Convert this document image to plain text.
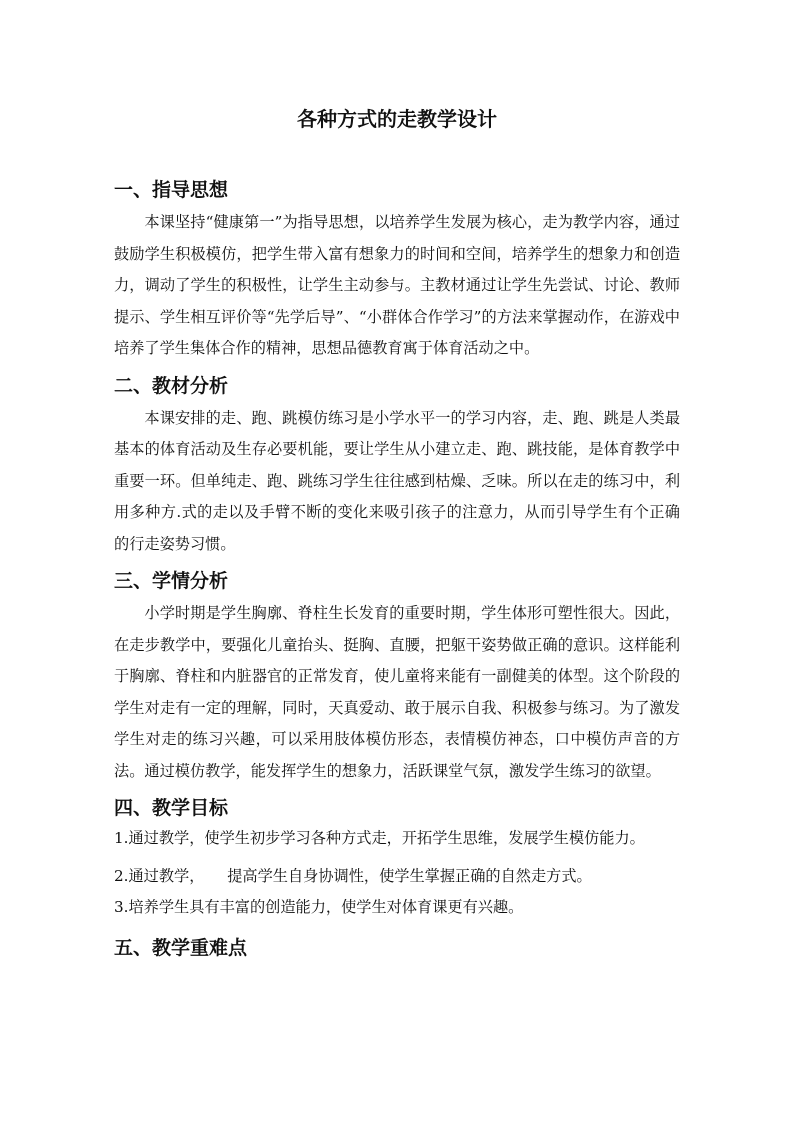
各种方式的走教学设计
一、指导思想

本课坚持“健康第一”为指导思想，以培养学生发展为核心，走为教学内容，通过鼓励学生积极模仿，把学生带入富有想象力的时间和空间，培养学生的想象力和创造力，调动了学生的积极性，让学生主动参与。主教材通过让学生先尝试、讨论、教师提示、学生相互评价等“先学后导”、“小群体合作学习”的方法来掌握动作，在游戏中培养了学生集体合作的精神，思想品德教育寓于体育活动之中。

二、教材分析

本课安排的走、跑、跳模仿练习是小学水平一的学习内容，走、跑、跳是人类最基本的体育活动及生存必要机能，要让学生从小建立走、跑、跳技能，是体育教学中重要一环。但单纯走、跑、跳练习学生往往感到枯燥、乏味。所以在走的练习中，利用多种方.式的走以及手臂不断的变化来吸引孩子的注意力，从而引导学生有个正确的行走姿势习惯。

三、学情分析

小学时期是学生胸廓、脊柱生长发育的重要时期，学生体形可塑性很大。因此，在走步教学中，要强化儿童抬头、挺胸、直腰，把躯干姿势做正确的意识。这样能利于胸廓、脊柱和内脏器官的正常发育，使儿童将来能有一副健美的体型。这个阶段的学生对走有一定的理解，同时，天真爱动、敢于展示自我、积极参与练习。为了激发学生对走的练习兴趣，可以采用肢体模仿形态，表情模仿神态，口中模仿声音的方法。通过模仿教学，能发挥学生的想象力，活跃课堂气氛，激发学生练习的欲望。

四、教学目标
1.通过教学，使学生初步学习各种方式走，开拓学生思维，发展学生模仿能力。
2.通过教学，　　提高学生自身协调性，使学生掌握正确的自然走方式。
3.培养学生具有丰富的创造能力，使学生对体育课更有兴趣。
五、教学重难点
